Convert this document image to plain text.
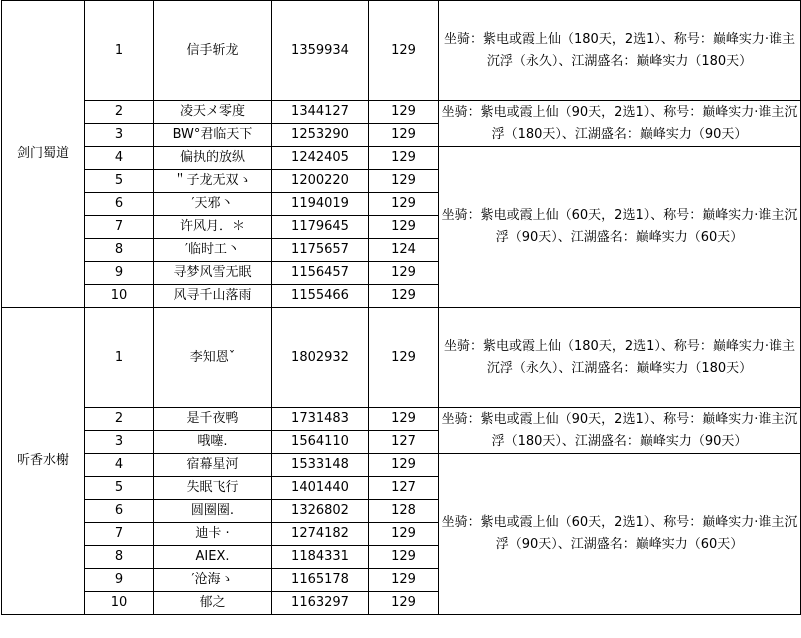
剑门蜀道	1	信手斩龙	1359934	129	坐骑：紫电或霞上仙（180天，2选1）、称号：巅峰实力·谁主沉浮（永久）、江湖盛名：巅峰实力（180天）
	2	凌天メ零度	1344127	129	坐骑：紫电或霞上仙（90天，2选1）、称号：巅峰实力·谁主沉浮（180天）、江湖盛名：巅峰实力（90天）
	3	BW°君临天下	1253290	129	
	4	偏执的放纵	1242405	129	坐骑：紫电或霞上仙（60天，2选1）、称号：巅峰实力·谁主沉浮（90天）、江湖盛名：巅峰实力（60天）
	5	＂子龙无双ゝ	1200220	129	
	6	′天邪丶	1194019	129	
	7	许风月．＊	1179645	129	
	8	′临时工丶	1175657	124	
	9	寻梦风雪无眠	1156457	129	
	10	风寻千山落雨	1155466	129	
听香水榭	1	李知恩ˇ	1802932	129	坐骑：紫电或霞上仙（180天，2选1）、称号：巅峰实力·谁主沉浮（永久）、江湖盛名：巅峰实力（180天）
	2	是千夜鸭	1731483	129	坐骑：紫电或霞上仙（90天，2选1）、称号：巅峰实力·谁主沉浮（180天）、江湖盛名：巅峰实力（90天）
	3	哦噻.	1564110	127	
	4	宿幕星河	1533148	129	坐骑：紫电或霞上仙（60天，2选1）、称号：巅峰实力·谁主沉浮（90天）、江湖盛名：巅峰实力（60天）
	5	失眠飞行	1401440	127	
	6	圆圈圈.	1326802	128	
	7	迪卡 ·	1274182	129	
	8	AIEX.	1184331	129	
	9	′沧海ゝ	1165178	129	
	10	郁之	1163297	129	
